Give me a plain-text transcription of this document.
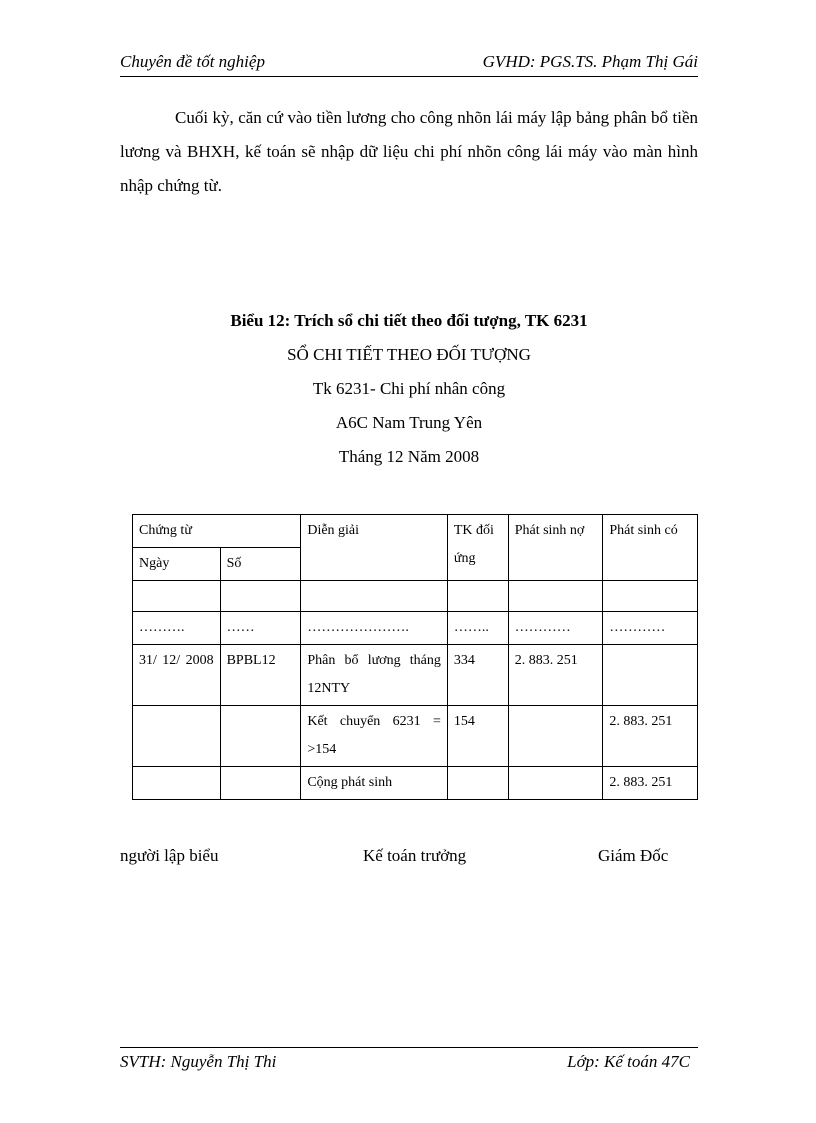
Chuyên đề tốt nghiệp	GVHD: PGS.TS. Phạm Thị Gái

Cuối kỳ, căn cứ vào tiền lương cho công nhõn lái máy lập bảng phân bổ tiền lương và BHXH, kế toán sẽ nhập dữ liệu chi phí nhõn công lái máy vào màn hình nhập chứng từ.

Biểu 12: Trích sổ chi tiết theo đối tượng, TK 6231
SỔ CHI TIẾT THEO ĐỐI TƯỢNG
Tk 6231- Chi phí nhân công
A6C Nam Trung Yên
Tháng 12 Năm 2008
Chứng từ		Diễn giải	TK đối ứng	Phát sinh nợ	Phát sinh có
Ngày	Số				

……….	……	………………….	……..	…………	…………
31/ 12/ 2008	BPBL12	Phân bổ lương tháng 12NTY	334	2. 883. 251	
		Kết chuyển 6231 = >154	154		2. 883. 251
		Cộng phát sinh			2. 883. 251
người lập biểu	Kế toán trưởng	Giám Đốc
SVTH: Nguyễn Thị Thi	Lớp: Kế toán 47C
